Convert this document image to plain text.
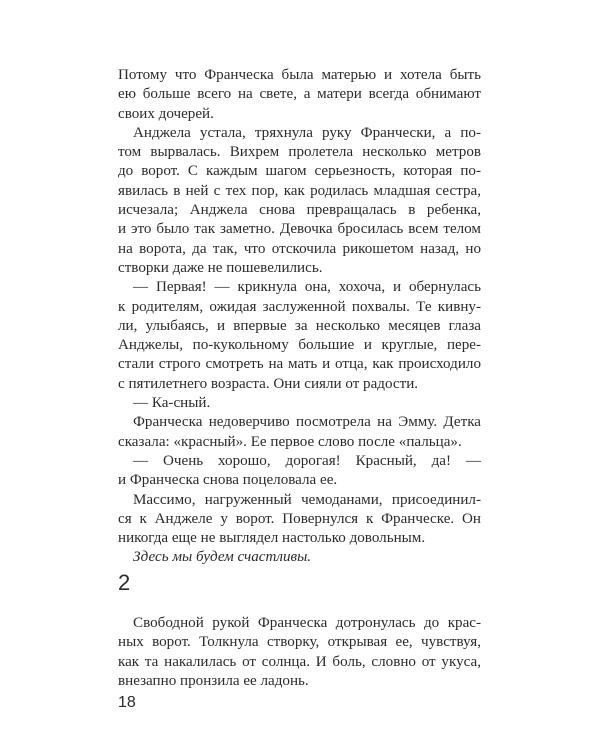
Потому что Франческа была матерью и хотела быть
ею больше всего на свете, а матери всегда обнимают
своих дочерей.

Анджела устала, тряхнула руку Франчески, а по-
том вырвалась. Вихрем пролетела несколько метров
до ворот. С каждым шагом серьезность, которая по-
явилась в ней с тех пор, как родилась младшая сестра,
исчезала; Анджела снова превращалась в ребенка,
и это было так заметно. Девочка бросилась всем телом
на ворота, да так, что отскочила рикошетом назад, но
створки даже не пошевелились.

— Первая! — крикнула она, хохоча, и обернулась
к родителям, ожидая заслуженной похвалы. Те кивну-
ли, улыбаясь, и впервые за несколько месяцев глаза
Анджелы, по-кукольному большие и круглые, пере-
стали строго смотреть на мать и отца, как происходило
с пятилетнего возраста. Они сияли от радости.

— Ка-сный.

Франческа недоверчиво посмотрела на Эмму. Детка
сказала: «красный». Ее первое слово после «пальца».

— Очень хорошо, дорогая! Красный, да! —
и Франческа снова поцеловала ее.

Массимо, нагруженный чемоданами, присоединил-
ся к Анджеле у ворот. Повернулся к Франческе. Он
никогда еще не выглядел настолько довольным.

Здесь мы будем счастливы.

2

Свободной рукой Франческа дотронулась до крас-
ных ворот. Толкнула створку, открывая ее, чувствуя,
как та накалилась от солнца. И боль, словно от укуса,
внезапно пронзила ее ладонь.

18
